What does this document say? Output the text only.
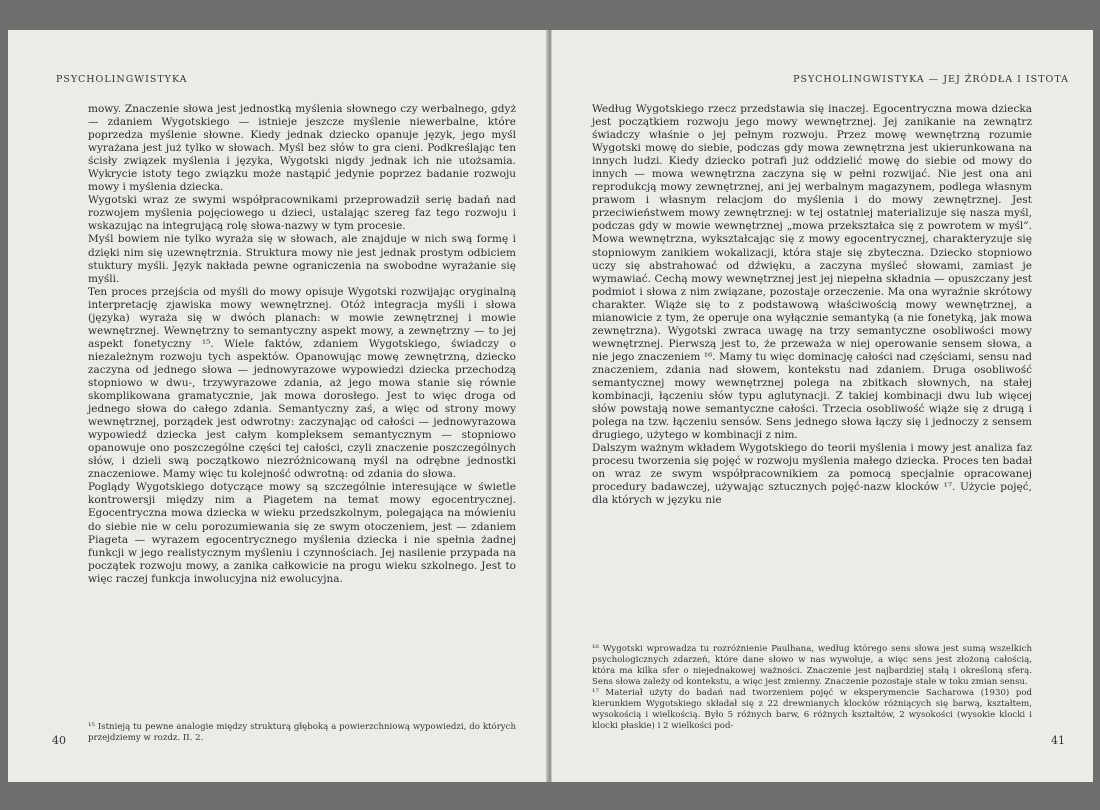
PSYCHOLINGWISTYKA

mowy. Znaczenie słowa jest jednostką myślenia słownego czy werbalnego, gdyż — zdaniem Wygotskiego — istnieje jeszcze myślenie niewerbalne, które poprzedza myślenie słowne. Kiedy jednak dziecko opanuje język, jego myśl wyrażana jest już tylko w słowach. Myśl bez słów to gra cieni. Podkreślając ten ścisły związek myślenia i języka, Wygotski nigdy jednak ich nie utożsamia. Wykrycie istoty tego związku może nastąpić jedynie poprzez badanie rozwoju mowy i myślenia dziecka.

Wygotski wraz ze swymi współpracownikami przeprowadził serię badań nad rozwojem myślenia pojęciowego u dzieci, ustalając szereg faz tego rozwoju i wskazując na integrującą rolę słowa-nazwy w tym procesie.

Myśl bowiem nie tylko wyraża się w słowach, ale znajduje w nich swą formę i dzięki nim się uzewnętrznia. Struktura mowy nie jest jednak prostym odbiciem stuktury myśli. Język nakłada pewne ograniczenia na swobodne wyrażanie się myśli.

Ten proces przejścia od myśli do mowy opisuje Wygotski rozwijając oryginalną interpretację zjawiska mowy wewnętrznej. Otóż integracja myśli i słowa (języka) wyraża się w dwóch planach: w mowie zewnętrznej i mowie wewnętrznej. Wewnętrzny to semantyczny aspekt mowy, a zewnętrzny — to jej aspekt fonetyczny ¹⁵. Wiele faktów, zdaniem Wygotskiego, świadczy o niezależnym rozwoju tych aspektów. Opanowując mowę zewnętrzną, dziecko zaczyna od jednego słowa — jednowyrazowe wypowiedzi dziecka przechodzą stopniowo w dwu-, trzywyrazowe zdania, aż jego mowa stanie się równie skomplikowana gramatycznie, jak mowa dorosłego. Jest to więc droga od jednego słowa do całego zdania. Semantyczny zaś, a więc od strony mowy wewnętrznej, porządek jest odwrotny: zaczynając od całości — jednowyrazowa wypowiedź dziecka jest całym kompleksem semantycznym — stopniowo opanowuje ono poszczególne części tej całości, czyli znaczenie poszczególnych słów, i dzieli swą początkowo niezróżnicowaną myśl na odrębne jednostki znaczeniowe. Mamy więc tu kolejność odwrotną: od zdania do słowa.

Poglądy Wygotskiego dotyczące mowy są szczególnie interesujące w świetle kontrowersji między nim a Piagetem na temat mowy egocentrycznej. Egocentryczna mowa dziecka w wieku przedszkolnym, polegająca na mówieniu do siebie nie w celu porozumiewania się ze swym otoczeniem, jest — zdaniem Piageta — wyrazem egocentrycznego myślenia dziecka i nie spełnia żadnej funkcji w jego realistycznym myśleniu i czynnościach. Jej nasilenie przypada na początek rozwoju mowy, a zanika całkowicie na progu wieku szkolnego. Jest to więc raczej funkcja inwolucyjna niż ewolucyjna.

¹⁵ Istnieją tu pewne analogie między strukturą głęboką a powierzchniową wypowiedzi, do których przejdziemy w rozdz. II. 2.

40
PSYCHOLINGWISTYKA — JEJ ŹRÓDŁA I ISTOTA

Według Wygotskiego rzecz przedstawia się inaczej. Egocentryczna mowa dziecka jest początkiem rozwoju jego mowy wewnętrznej. Jej zanikanie na zewnątrz świadczy właśnie o jej pełnym rozwoju. Przez mowę wewnętrzną rozumie Wygotski mowę do siebie, podczas gdy mowa zewnętrzna jest ukierunkowana na innych ludzi. Kiedy dziecko potrafi już oddzielić mowę do siebie od mowy do innych — mowa wewnętrzna zaczyna się w pełni rozwijać. Nie jest ona ani reprodukcją mowy zewnętrznej, ani jej werbalnym magazynem, podlega własnym prawom i własnym relacjom do myślenia i do mowy zewnętrznej. Jest przeciwieństwem mowy zewnętrznej: w tej ostatniej materializuje się nasza myśl, podczas gdy w mowie wewnętrznej „mowa przekształca się z powrotem w myśl”. Mowa wewnętrzna, wykształcając się z mowy egocentrycznej, charakteryzuje się stopniowym zanikiem wokalizacji, która staje się zbyteczna. Dziecko stopniowo uczy się abstrahować od dźwięku, a zaczyna myśleć słowami, zamiast je wymawiać. Cechą mowy wewnętrznej jest jej niepełna składnia — opuszczany jest podmiot i słowa z nim związane, pozostaje orzeczenie. Ma ona wyraźnie skrótowy charakter. Wiąże się to z podstawową właściwością mowy wewnętrznej, a mianowicie z tym, że operuje ona wyłącznie semantyką (a nie fonetyką, jak mowa zewnętrzna). Wygotski zwraca uwagę na trzy semantyczne osobliwości mowy wewnętrznej. Pierwszą jest to, że przeważa w niej operowanie sensem słowa, a nie jego znaczeniem ¹⁶. Mamy tu więc dominację całości nad częściami, sensu nad znaczeniem, zdania nad słowem, kontekstu nad zdaniem. Druga osobliwość semantycznej mowy wewnętrznej polega na zbitkach słownych, na stałej kombinacji, łączeniu słów typu aglutynacji. Z takiej kombinacji dwu lub więcej słów powstają nowe semantyczne całości. Trzecia osobliwość wiąże się z drugą i polega na tzw. łączeniu sensów. Sens jednego słowa łączy się i jednoczy z sensem drugiego, użytego w kombinacji z nim.

Dalszym ważnym wkładem Wygotskiego do teorii myślenia i mowy jest analiza faz procesu tworzenia się pojęć w rozwoju myślenia małego dziecka. Proces ten badał on wraz ze swym współpracownikiem za pomocą specjalnie opracowanej procedury badawczej, używając sztucznych pojęć-nazw klocków ¹⁷. Użycie pojęć, dla których w języku nie

¹⁶ Wygotski wprowadza tu rozróżnienie Paulhana, według którego sens słowa jest sumą wszelkich psychologicznych zdarzeń, które dane słowo w nas wywołuje, a więc sens jest złożoną całością, która ma kilka sfer o niejednakowej ważności. Znaczenie jest najbardziej stałą i określoną sferą. Sens słowa zależy od kontekstu, a więc jest zmienny. Znaczenie pozostaje stałe w toku zmian sensu.

¹⁷ Materiał użyty do badań nad tworzeniem pojęć w eksperymencie Sacharowa (1930) pod kierunkiem Wygotskiego składał się z 22 drewnianych klocków różniących się barwą, kształtem, wysokością i wielkością. Było 5 różnych barw, 6 różnych kształtów, 2 wysokości (wysokie klocki i klocki płaskie) i 2 wielkości pod-

41
